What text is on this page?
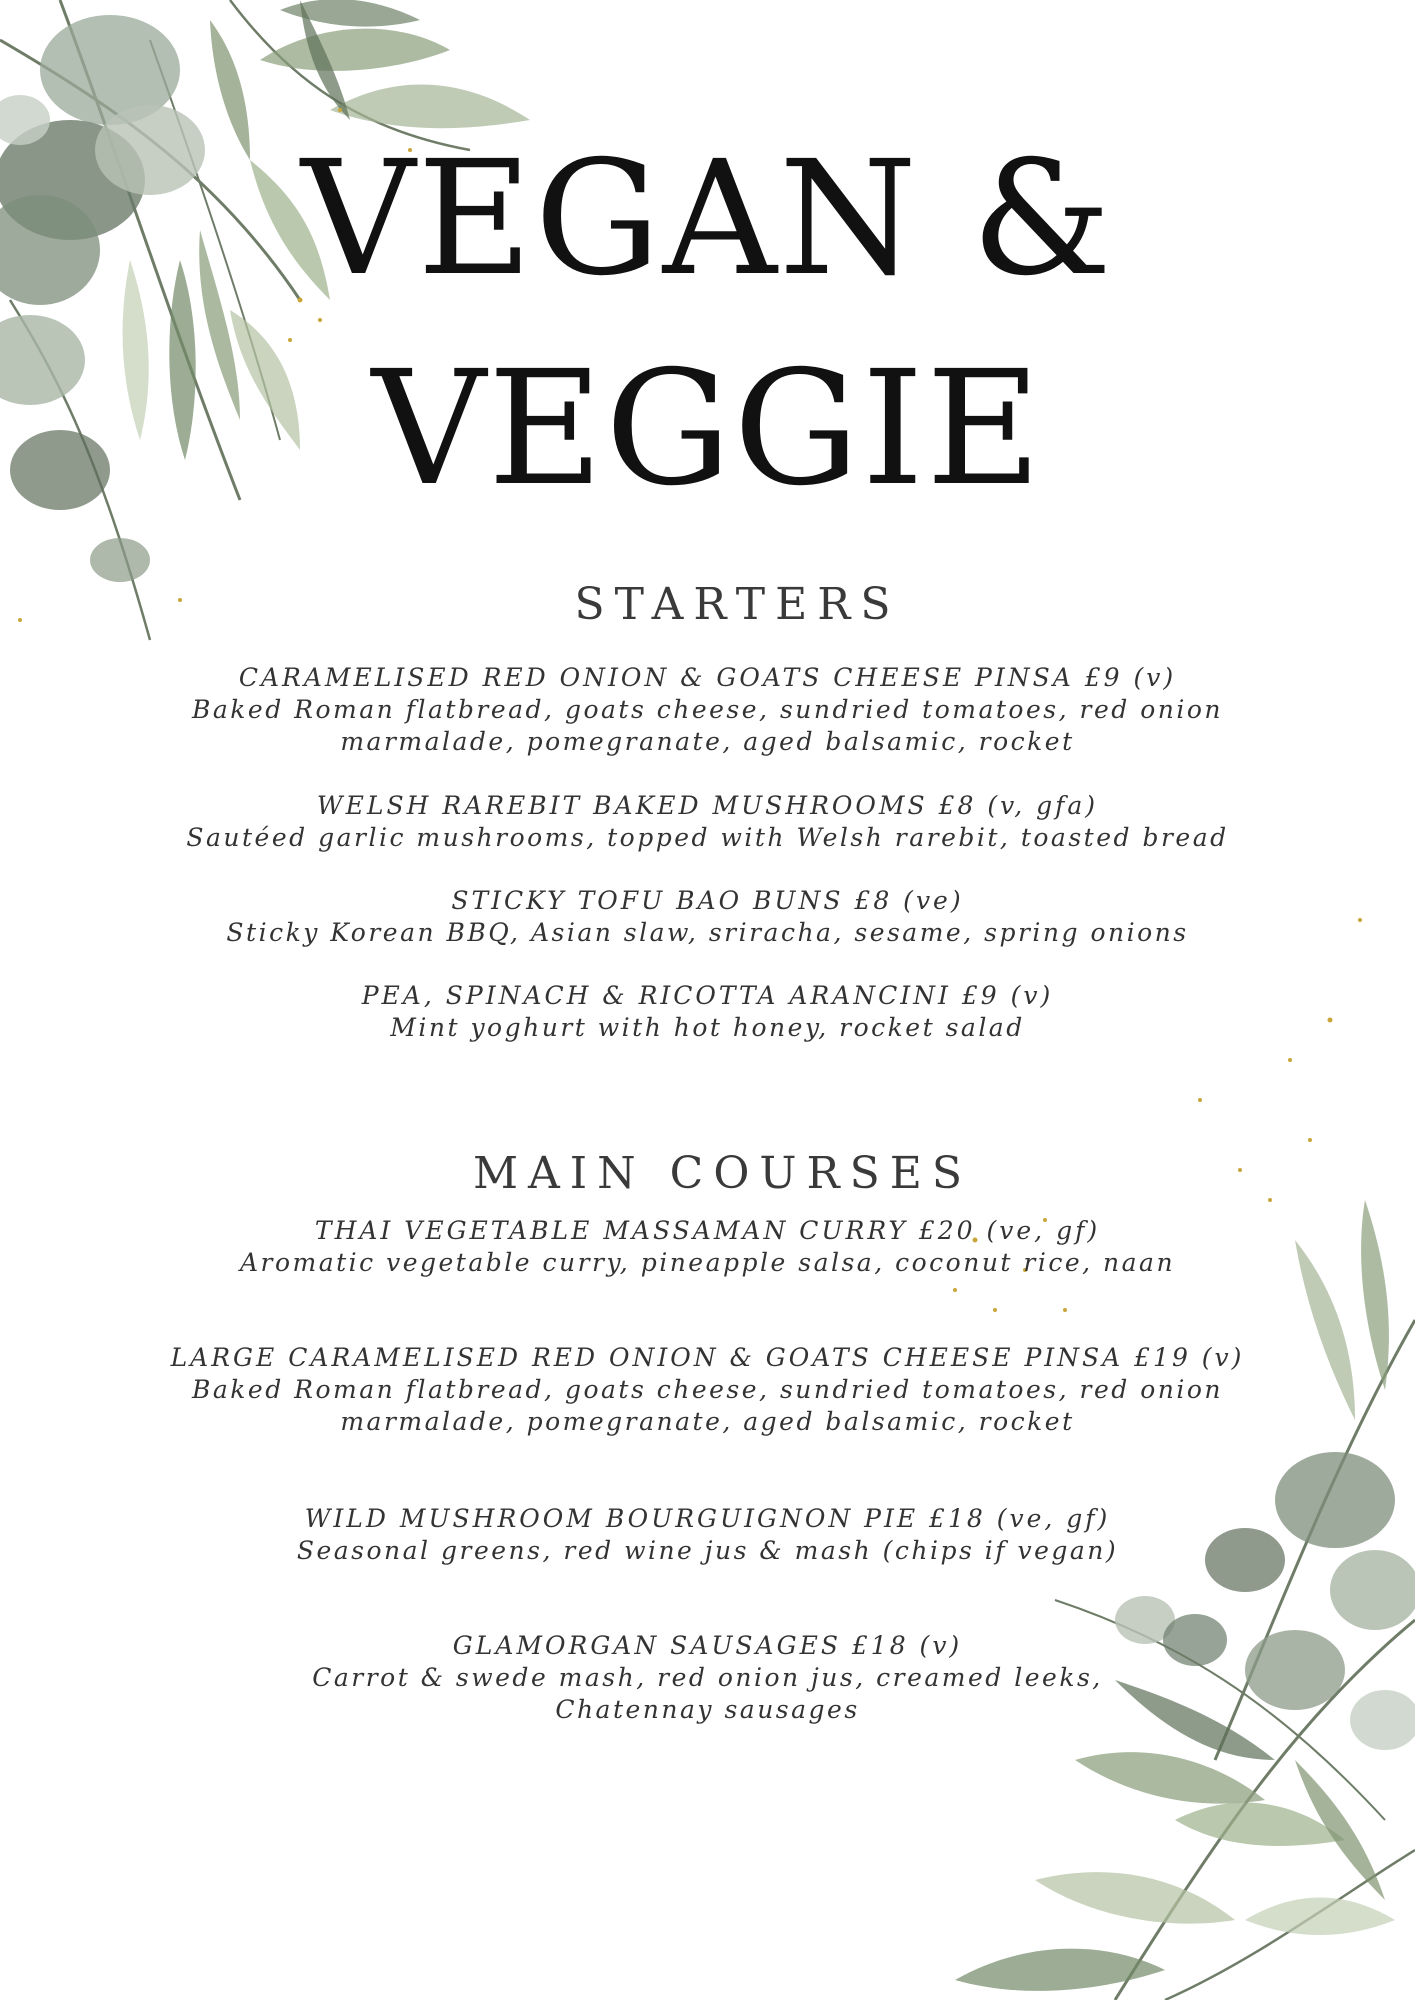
VEGAN &
VEGGIE
STARTERS
CARAMELISED RED ONION & GOATS CHEESE PINSA £9 (v)
Baked Roman flatbread, goats cheese, sundried tomatoes, red onion
marmalade, pomegranate, aged balsamic, rocket
WELSH RAREBIT BAKED MUSHROOMS £8 (v, gfa)
Sautéed garlic mushrooms, topped with Welsh rarebit, toasted bread
STICKY TOFU BAO BUNS £8 (ve)
Sticky Korean BBQ, Asian slaw, sriracha, sesame, spring onions
PEA, SPINACH & RICOTTA ARANCINI £9 (v)
Mint yoghurt with hot honey, rocket salad
MAIN COURSES
THAI VEGETABLE MASSAMAN CURRY £20 (ve, gf)
Aromatic vegetable curry, pineapple salsa, coconut rice, naan
LARGE CARAMELISED RED ONION & GOATS CHEESE PINSA £19 (v)
Baked Roman flatbread, goats cheese, sundried tomatoes, red onion
marmalade, pomegranate, aged balsamic, rocket
WILD MUSHROOM BOURGUIGNON PIE £18 (ve, gf)
Seasonal greens, red wine jus & mash (chips if vegan)
GLAMORGAN SAUSAGES £18 (v)
Carrot & swede mash, red onion jus, creamed leeks,
Chatennay sausages
